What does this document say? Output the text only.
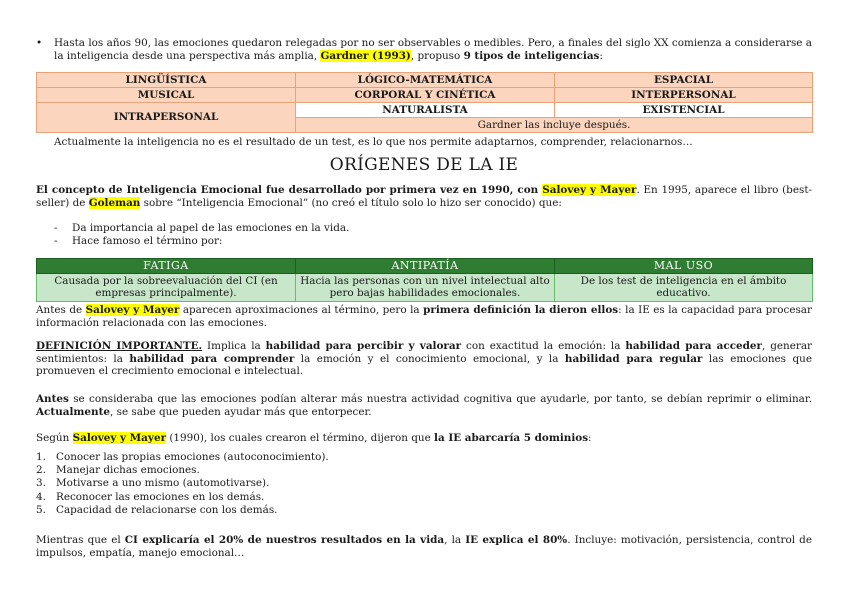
• Hasta los años 90, las emociones quedaron relegadas por no ser observables o medibles. Pero, a finales del siglo XX comienza a considerarse a la inteligencia desde una perspectiva más amplia, Gardner (1993), propuso 9 tipos de inteligencias:
LINGÜÍSTICA	LÓGICO-MATEMÁTICA	ESPACIAL
MUSICAL	CORPORAL Y CINÉTICA	INTERPERSONAL
INTRAPERSONAL	NATURALISTA	EXISTENCIAL
	Gardner las incluye después.	
Actualmente la inteligencia no es el resultado de un test, es lo que nos permite adaptarnos, comprender, relacionarnos…
ORÍGENES DE LA IE
El concepto de Inteligencia Emocional fue desarrollado por primera vez en 1990, con Salovey y Mayer. En 1995, aparece el libro (best-seller) de Goleman sobre “Inteligencia Emocional” (no creó el título solo lo hizo ser conocido) que:
- Da importancia al papel de las emociones en la vida.
- Hace famoso el término por:
FATIGA	ANTIPATÍA	MAL USO
Causada por la sobreevaluación del CI (en empresas principalmente).	Hacia las personas con un nivel intelectual alto pero bajas habilidades emocionales.	De los test de inteligencia en el ámbito educativo.
Antes de Salovey y Mayer aparecen aproximaciones al término, pero la primera definición la dieron ellos: la IE es la capacidad para procesar información relacionada con las emociones.
DEFINICIÓN IMPORTANTE. Implica la habilidad para percibir y valorar con exactitud la emoción: la habilidad para acceder, generar sentimientos: la habilidad para comprender la emoción y el conocimiento emocional, y la habilidad para regular las emociones que promueven el crecimiento emocional e intelectual.
Antes se consideraba que las emociones podían alterar más nuestra actividad cognitiva que ayudarle, por tanto, se debían reprimir o eliminar. Actualmente, se sabe que pueden ayudar más que entorpecer.
Según Salovey y Mayer (1990), los cuales crearon el término, dijeron que la IE abarcaría 5 dominios:
1. Conocer las propias emociones (autoconocimiento).
2. Manejar dichas emociones.
3. Motivarse a uno mismo (automotivarse).
4. Reconocer las emociones en los demás.
5. Capacidad de relacionarse con los demás.
Mientras que el CI explicaría el 20% de nuestros resultados en la vida, la IE explica el 80%. Incluye: motivación, persistencia, control de impulsos, empatía, manejo emocional…
